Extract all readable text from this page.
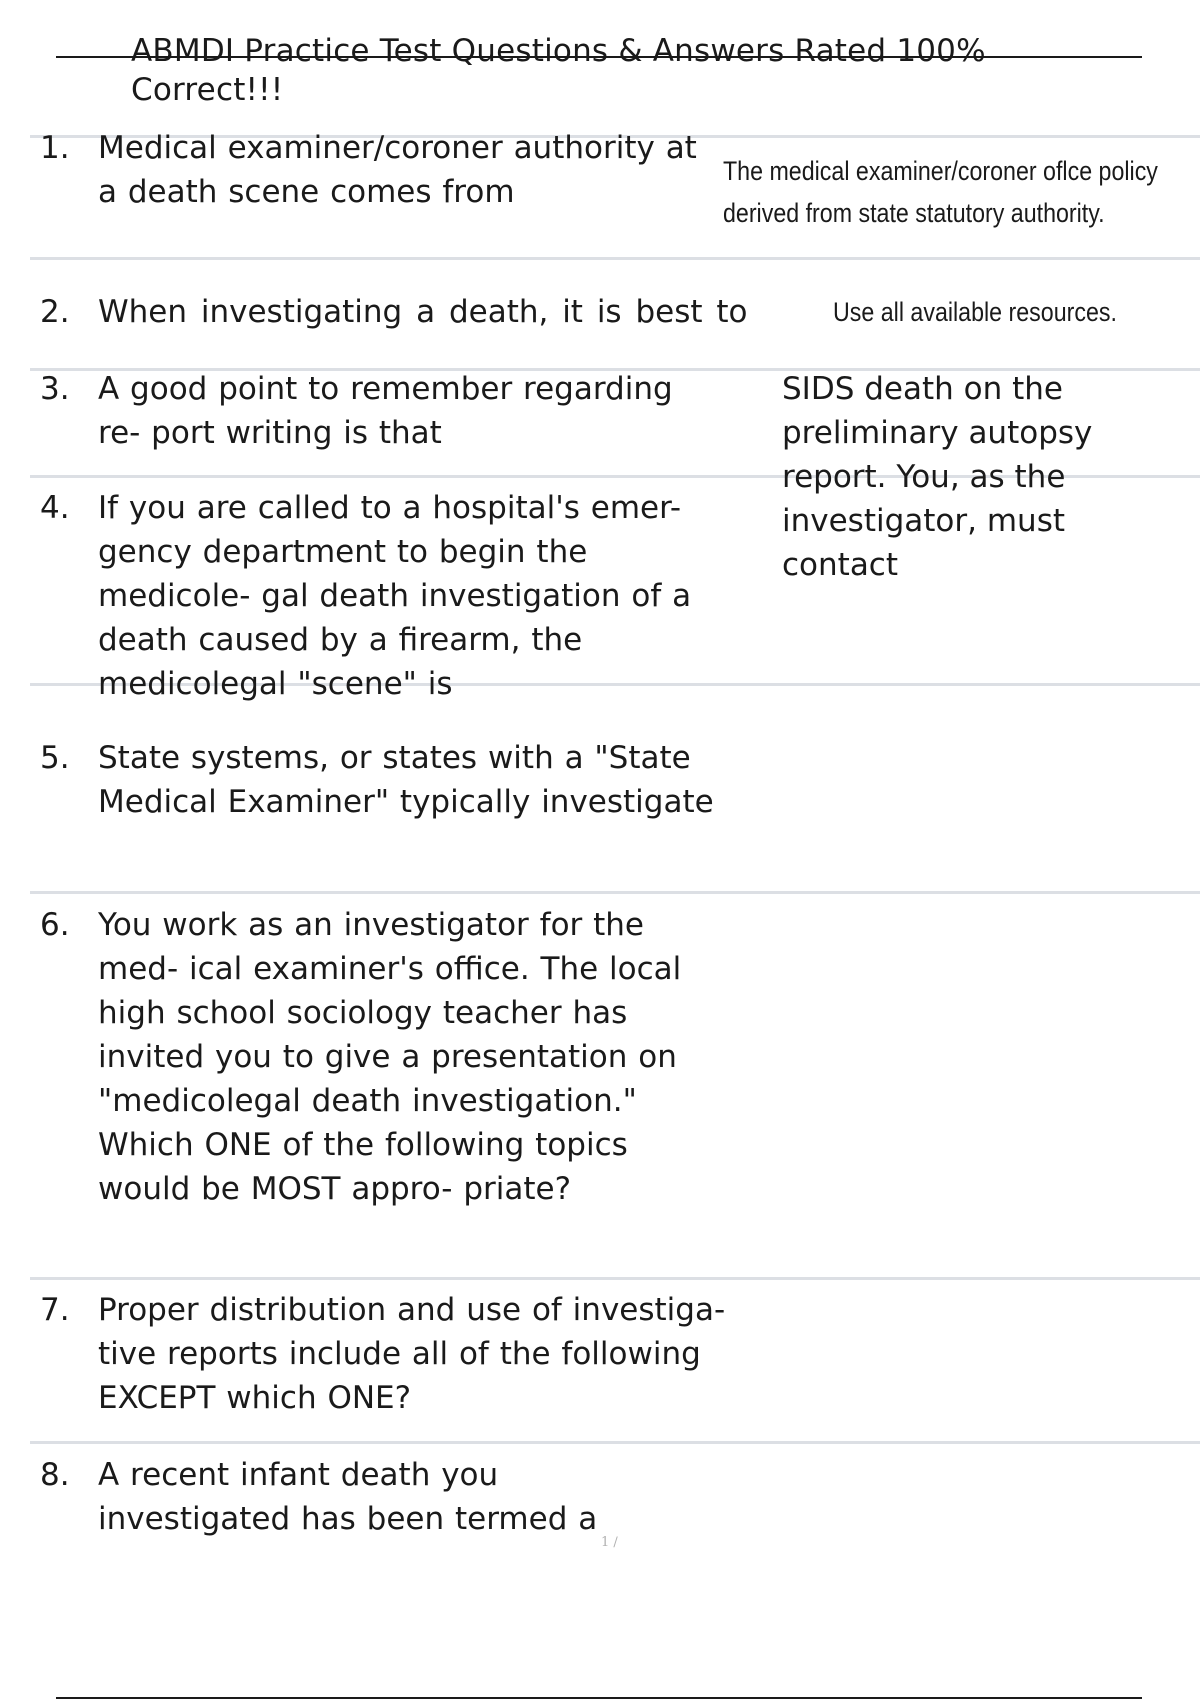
ABMDI Practice Test Questions & Answers Rated 100%
Correct!!!
1. Medical examiner/coroner authority at a death scene comes from
The medical examiner/coroner oflce policy derived from state statutory authority.
2. When investigating a death, it is best to	Use all available resources.
3. A good point to remember regarding re- port writing is that
4. If you are called to a hospital's emer- gency department to begin the medicole- gal death investigation of a death caused by a firearm, the medicolegal "scene" is
5. State systems, or states with a "State Medical Examiner" typically investigate
6. You work as an investigator for the med- ical examiner's office. The local high school sociology teacher has invited you to give a presentation on "medicolegal death investigation." Which ONE of the following topics would be MOST appro- priate?
7. Proper distribution and use of investiga- tive reports include all of the following EXCEPT which ONE?
8. A recent infant death you investigated has been termed a
SIDS death on the preliminary autopsy report. You, as the investigator, must contact
1 /
